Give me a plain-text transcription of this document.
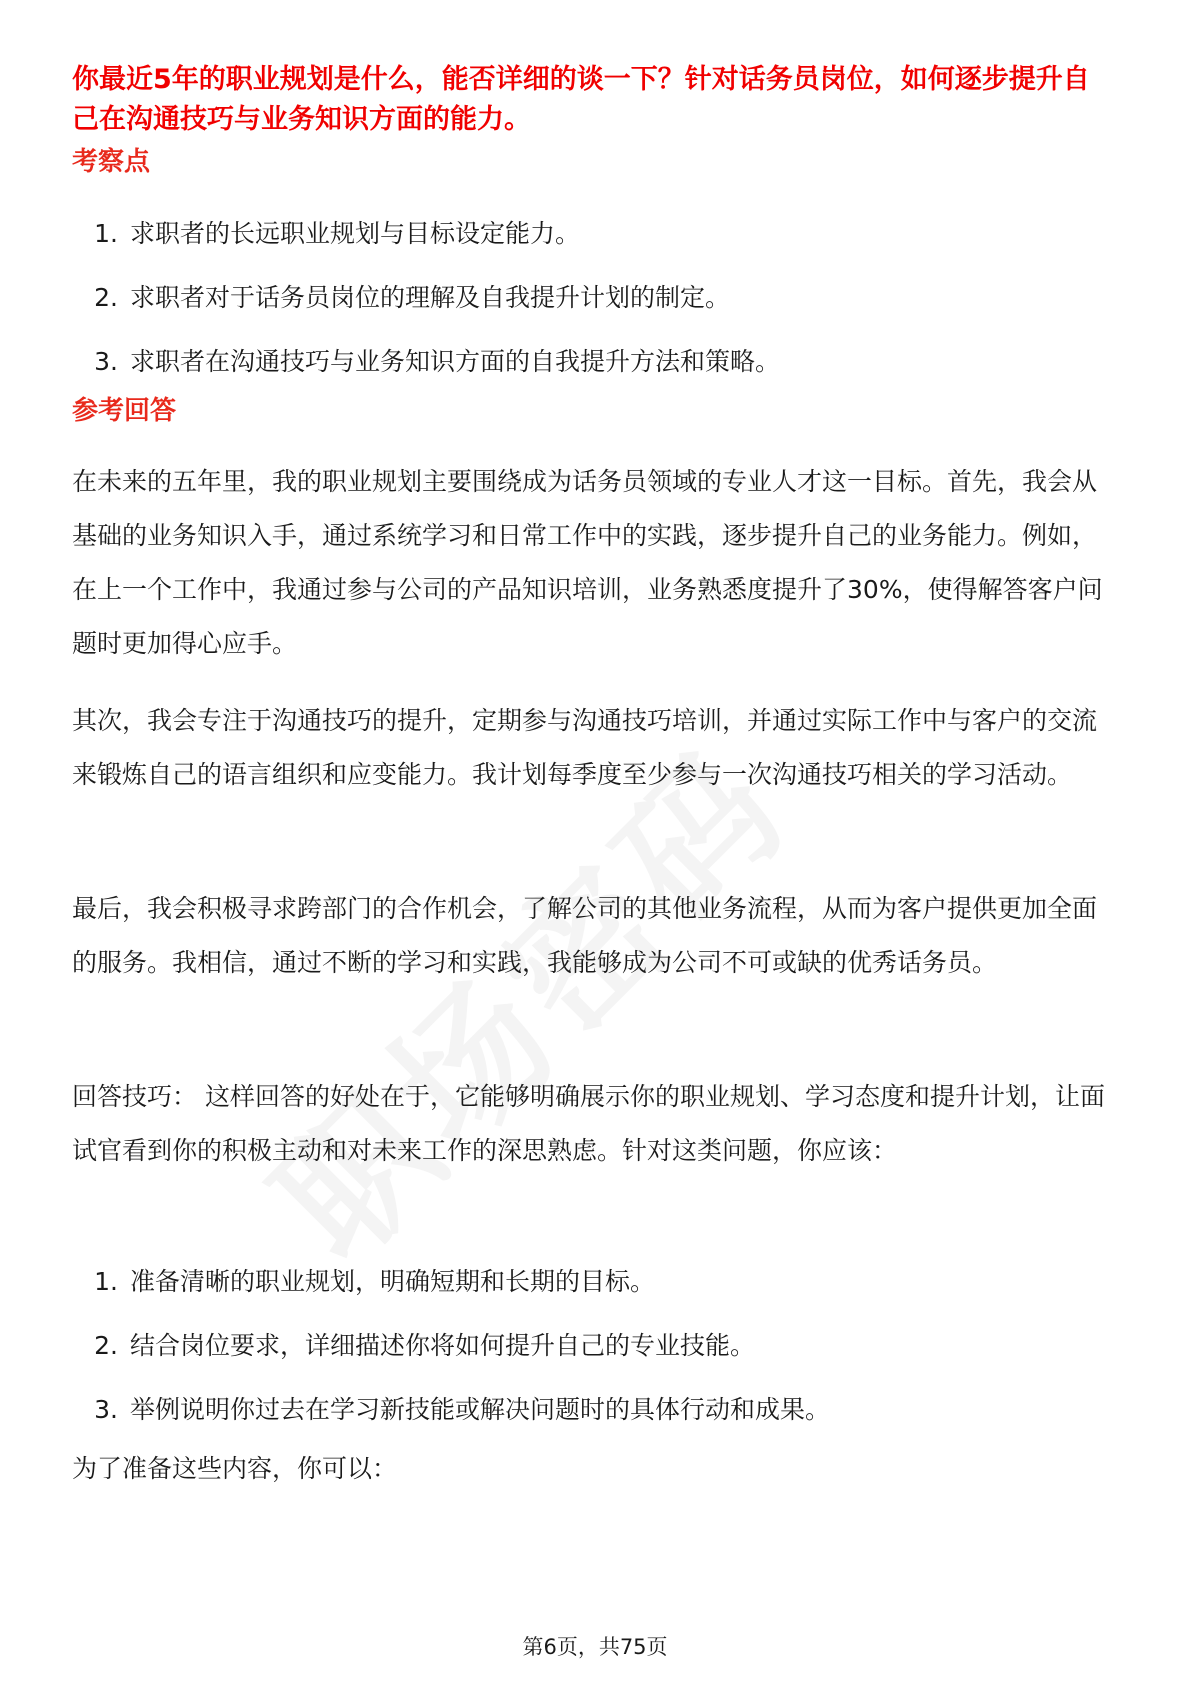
你最近5年的职业规划是什么，能否详细的谈一下？针对话务员岗位，如何逐步提升自己在沟通技巧与业务知识方面的能力。

考察点
1. 求职者的长远职业规划与目标设定能力。
2. 求职者对于话务员岗位的理解及自我提升计划的制定。
3. 求职者在沟通技巧与业务知识方面的自我提升方法和策略。
参考回答

在未来的五年里，我的职业规划主要围绕成为话务员领域的专业人才这一目标。首先，我会从基础的业务知识入手，通过系统学习和日常工作中的实践，逐步提升自己的业务能力。例如，在上一个工作中，我通过参与公司的产品知识培训，业务熟悉度提升了30%，使得解答客户问题时更加得心应手。

其次，我会专注于沟通技巧的提升，定期参与沟通技巧培训，并通过实际工作中与客户的交流来锻炼自己的语言组织和应变能力。我计划每季度至少参与一次沟通技巧相关的学习活动。

最后，我会积极寻求跨部门的合作机会，了解公司的其他业务流程，从而为客户提供更加全面的服务。我相信，通过不断的学习和实践，我能够成为公司不可或缺的优秀话务员。

回答技巧： 这样回答的好处在于，它能够明确展示你的职业规划、学习态度和提升计划，让面试官看到你的积极主动和对未来工作的深思熟虑。针对这类问题，你应该：

1. 准备清晰的职业规划，明确短期和长期的目标。
2. 结合岗位要求，详细描述你将如何提升自己的专业技能。
3. 举例说明你过去在学习新技能或解决问题时的具体行动和成果。

为了准备这些内容，你可以：

第6页，共75页
